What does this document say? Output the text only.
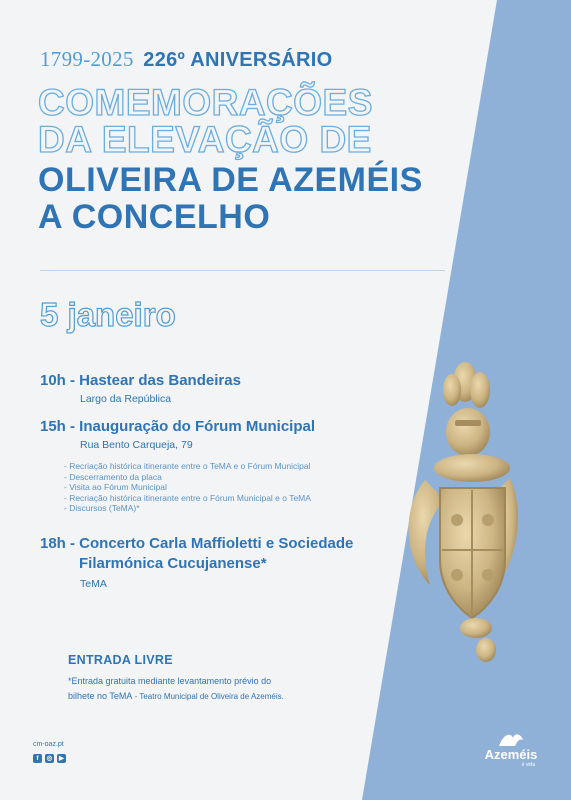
1799-2025 226º ANIVERSÁRIO
COMEMORAÇÕES
DA ELEVAÇÃO DE
OLIVEIRA DE AZEMÉIS
A CONCELHO
5 janeiro
10h - Hastear das Bandeiras
Largo da República
15h - Inauguração do Fórum Municipal
Rua Bento Carqueja, 79
- Recriação histórica itinerante entre o TeMA e o Fórum Municipal
- Descerramento da placa
- Visita ao Fórum Municipal
- Recriação histórica itinerante entre o Fórum Municipal e o TeMA
- Discursos (TeMA)*
18h - Concerto Carla Maffioletti e Sociedade
Filarmónica Cucujanense*
TeMA
ENTRADA LIVRE
*Entrada gratuita mediante levantamento prévio do
bilhete no TeMA - Teatro Municipal de Oliveira de Azeméis.
cm-oaz.pt
f	◎	▶	Azeméis
é vida
